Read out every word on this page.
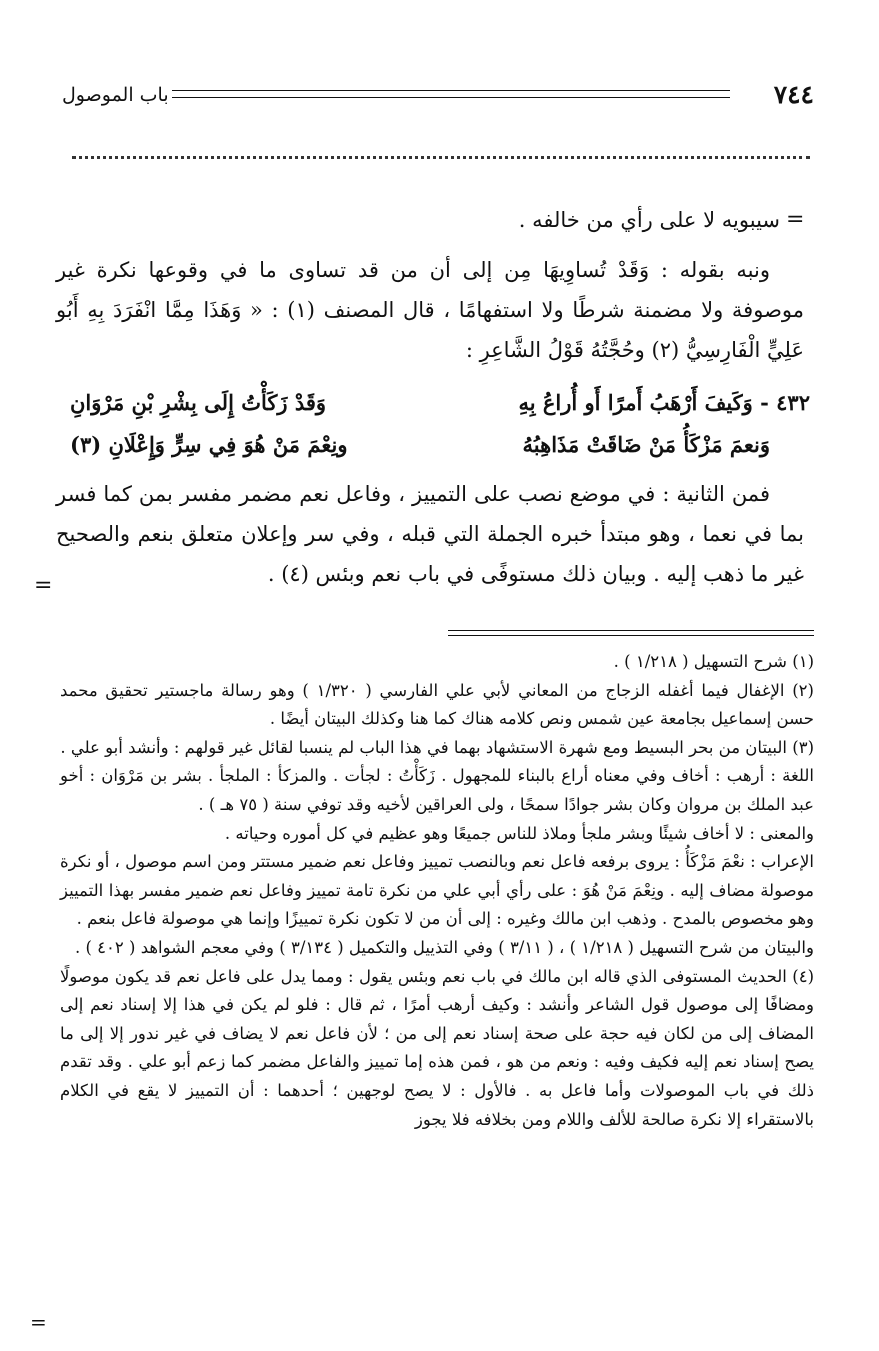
٧٤٤
باب الموصول
=

سيبويه لا على رأي من خالفه .

ونبه بقوله : وَقَدْ تُساوِيهَا مِن إلى أن من قد تساوى ما في وقوعها نكرة غير موصوفة ولا مضمنة شرطًا ولا استفهامًا ، قال المصنف (١) : « وَهَذَا مِمَّا انْفَرَدَ بِهِ أَبُو عَلِيٍّ الْفَارِسِيُّ (٢) وحُجَّتُهُ قَوْلُ الشَّاعِرِ :

٤٣٢ - وَكَيفَ أَرْهَبُ أَمرًا أَو أُراعُ بِهِ
وَقَدْ زَكَأْتُ إِلَى بِشْرِ بْنِ مَرْوَانِ
وَنعمَ مَزْكَأُ مَنْ ضَاقَتْ مَذَاهِبُهُ
ونِعْمَ مَنْ هُوَ فِي سِرٍّ وَإِعْلَانِ (٣)

فمن الثانية : في موضع نصب على التمييز ، وفاعل نعم مضمر مفسر بمن كما فسر بما في نعما ، وهو مبتدأ خبره الجملة التي قبله ، وفي سر وإعلان متعلق بنعم والصحيح غير ما ذهب إليه . وبيان ذلك مستوفًى في باب نعم وبئس (٤) .

=

(١) شرح التسهيل ( ١/٢١٨ ) .

(٢) الإغفال فيما أغفله الزجاج من المعاني لأبي علي الفارسي ( ١/٣٢٠ ) وهو رسالة ماجستير تحقيق محمد حسن إسماعيل بجامعة عين شمس ونص كلامه هناك كما هنا وكذلك البيتان أيضًا .

(٣) البيتان من بحر البسيط ومع شهرة الاستشهاد بهما في هذا الباب لم ينسبا لقائل غير قولهم : وأنشد أبو علي .

اللغة : أرهب : أخاف وفي معناه أراع بالبناء للمجهول . زَكَأْتُ : لجأت . والمزكأ : الملجأ . بشر بن مَرْوَان : أخو عبد الملك بن مروان وكان بشر جوادًا سمحًا ، ولى العراقين لأخيه وقد توفي سنة ( ٧٥ هـ ) .

والمعنى : لا أخاف شيئًا وبشر ملجأ وملاذ للناس جميعًا وهو عظيم في كل أموره وحياته .

الإعراب : نعْمَ مَزْكَأُ : يروى برفعه فاعل نعم وبالنصب تمييز وفاعل نعم ضمير مستتر ومن اسم موصول ، أو نكرة موصولة مضاف إليه . ونِعْمَ مَنْ هُوَ : على رأي أبي علي من نكرة تامة تمييز وفاعل نعم ضمير مفسر بهذا التمييز وهو مخصوص بالمدح . وذهب ابن مالك وغيره : إلى أن من لا تكون نكرة تمييزًا وإنما هي موصولة فاعل بنعم .

والبيتان من شرح التسهيل ( ١/٢١٨ ) ، ( ٣/١١ ) وفي التذييل والتكميل ( ٣/١٣٤ ) وفي معجم الشواهد ( ٤٠٢ ) .

(٤) الحديث المستوفى الذي قاله ابن مالك في باب نعم وبئس يقول : ومما يدل على فاعل نعم قد يكون موصولًا ومضافًا إلى موصول قول الشاعر وأنشد : وكيف أرهب أمرًا ، ثم قال : فلو لم يكن في هذا إلا إسناد نعم إلى المضاف إلى من لكان فيه حجة على صحة إسناد نعم إلى من ؛ لأن فاعل نعم لا يضاف في غير ندور إلا إلى ما يصح إسناد نعم إليه فكيف وفيه : ونعم من هو ، فمن هذه إما تمييز والفاعل مضمر كما زعم أبو علي . وقد تقدم ذلك في باب الموصولات وأما فاعل به . فالأول : لا يصح لوجهين ؛ أحدهما : أن التمييز لا يقع في الكلام بالاستقراء إلا نكرة صالحة للألف واللام ومن بخلافه فلا يجوز

=
